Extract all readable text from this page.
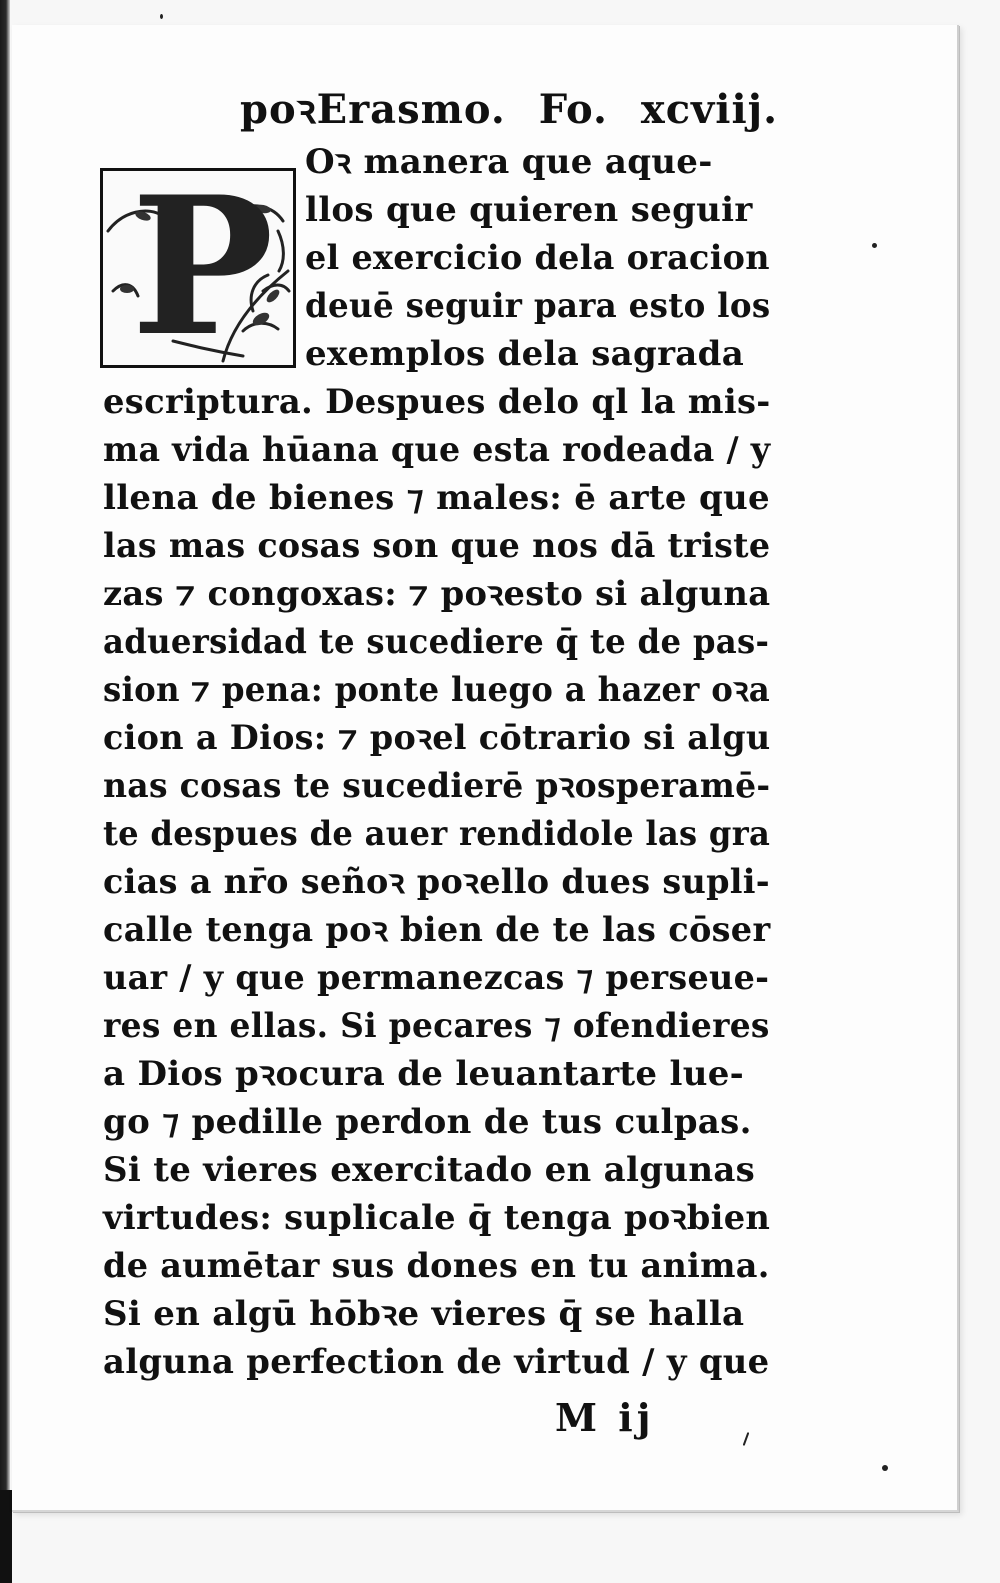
poꝛErasmo. Fo. xcviij.
P Oꝛ manera que aque-
llos que quieren seguir
el exercicio dela oracion
deuē seguir para esto los
exemplos dela sagrada
escriptura. Despues delo ql la mis-
ma vida hūana que esta rodeada / y
llena de bienes ⁊ males: ē arte que
las mas cosas son que nos dā triste
zas ⁊ congoxas: ⁊ poꝛesto si alguna
aduersidad te sucediere q̄ te de pas-
sion ⁊ pena: ponte luego a hazer oꝛa
cion a Dios: ⁊ poꝛel cōtrario si algu
nas cosas te sucedierē pꝛosperamē-
te despues de auer rendidole las gra
cias a nr̄o señoꝛ poꝛello dues supli-
calle tenga poꝛ bien de te las cōser
uar / y que permanezcas ⁊ perseue-
res en ellas. Si pecares ⁊ ofendieres
a Dios pꝛocura de leuantarte lue-
go ⁊ pedille perdon de tus culpas.
Si te vieres exercitado en algunas
virtudes: suplicale q̄ tenga poꝛbien
de aumētar sus dones en tu anima.
Si en algū hōbꝛe vieres q̄ se halla
alguna perfection de virtud / y que
M ij
